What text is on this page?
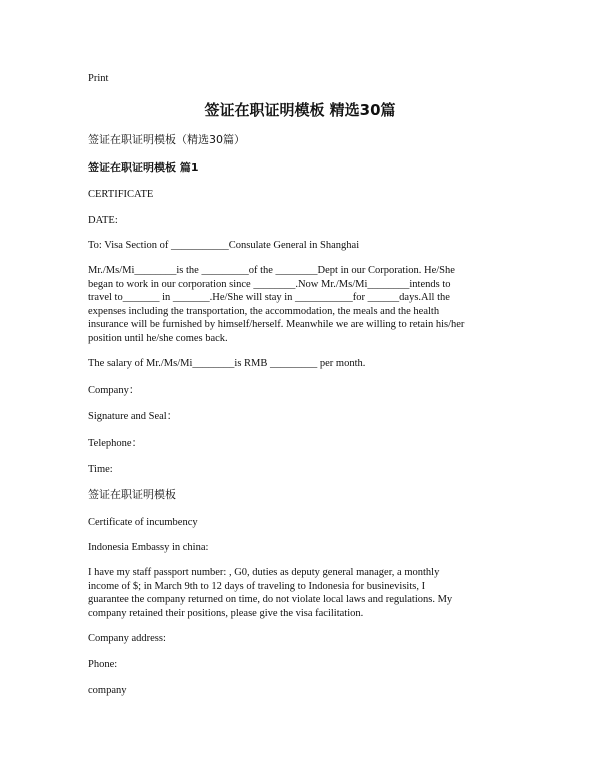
Print
签证在职证明模板 精选30篇
签证在职证明模板（精选30篇）
签证在职证明模板 篇1
CERTIFICATE
DATE:
To: Visa Section of ___________Consulate General in Shanghai
Mr./Ms/Mi________is the _________of the ________Dept in our Corporation. He/She
began to work in our corporation since ________.Now Mr./Ms/Mi________intends to
travel to_______ in _______.He/She will stay in ___________for ______days.All the
expenses including the transportation, the accommodation, the meals and the health
insurance will be furnished by himself/herself. Meanwhile we are willing to retain his/her
position until he/she comes back.
The salary of Mr./Ms/Mi________is RMB _________ per month.
Company：
Signature and Seal：
Telephone：
Time:
签证在职证明模板
Certificate of incumbency
Indonesia Embassy in china:
I have my staff passport number: , G0, duties as deputy general manager, a monthly
income of $; in March 9th to 12 days of traveling to Indonesia for businevisits, I
guarantee the company returned on time, do not violate local laws and regulations. My
company retained their positions, please give the visa facilitation.
Company address:
Phone:
company
